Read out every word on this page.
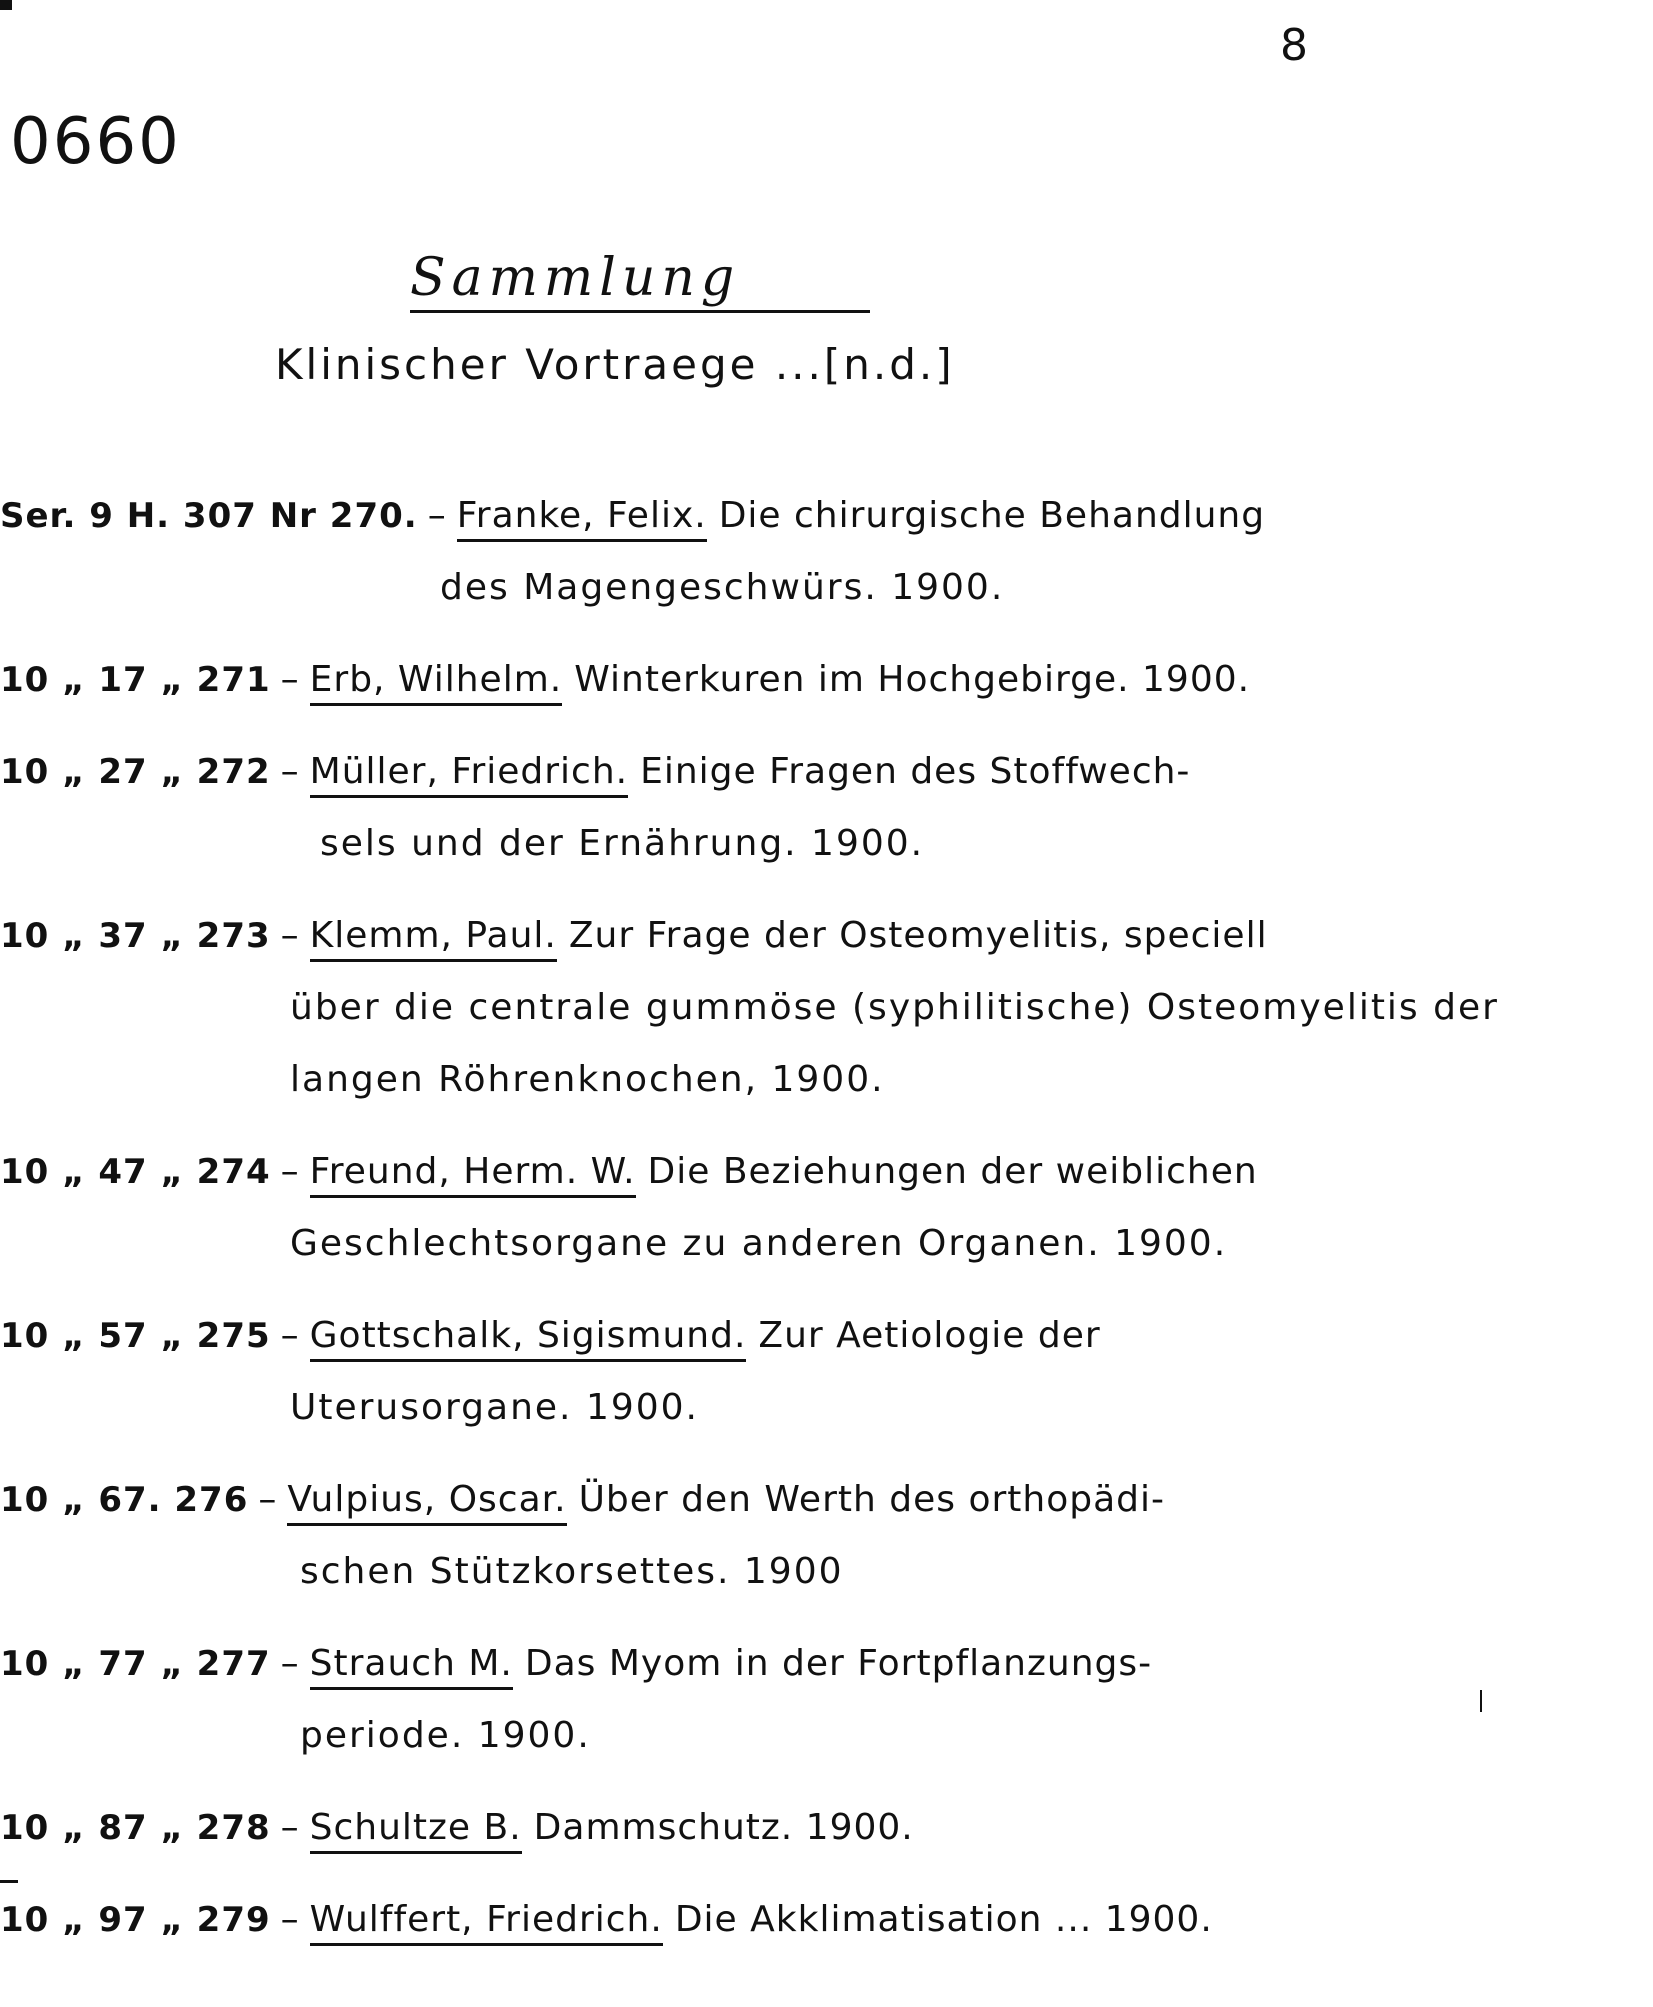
8
0660
Sammlung
Klinischer Vortraege ...[n.d.]
Ser. 9 H. 307 Nr 270. – Franke, Felix. Die chirurgische Behandlung
des Magengeschwürs. 1900.
10 „ 17 „ 271 – Erb, Wilhelm. Winterkuren im Hochgebirge. 1900.
10 „ 27 „ 272 – Müller, Friedrich. Einige Fragen des Stoffwech-
sels und der Ernährung. 1900.
10 „ 37 „ 273 – Klemm, Paul. Zur Frage der Osteomyelitis, speciell
über die centrale gummöse (syphilitische) Osteomyelitis der
langen Röhrenknochen, 1900.
10 „ 47 „ 274 – Freund, Herm. W. Die Beziehungen der weiblichen
Geschlechtsorgane zu anderen Organen. 1900.
10 „ 57 „ 275 – Gottschalk, Sigismund. Zur Aetiologie der
Uterusorgane. 1900.
10 „ 67. 276 – Vulpius, Oscar. Über den Werth des orthopädi-
schen Stützkorsettes. 1900
10 „ 77 „ 277 – Strauch M. Das Myom in der Fortpflanzungs-
periode. 1900.
10 „ 87 „ 278 – Schultze B. Dammschutz. 1900.
10 „ 97 „ 279 – Wulffert, Friedrich. Die Akklimatisation ... 1900.
